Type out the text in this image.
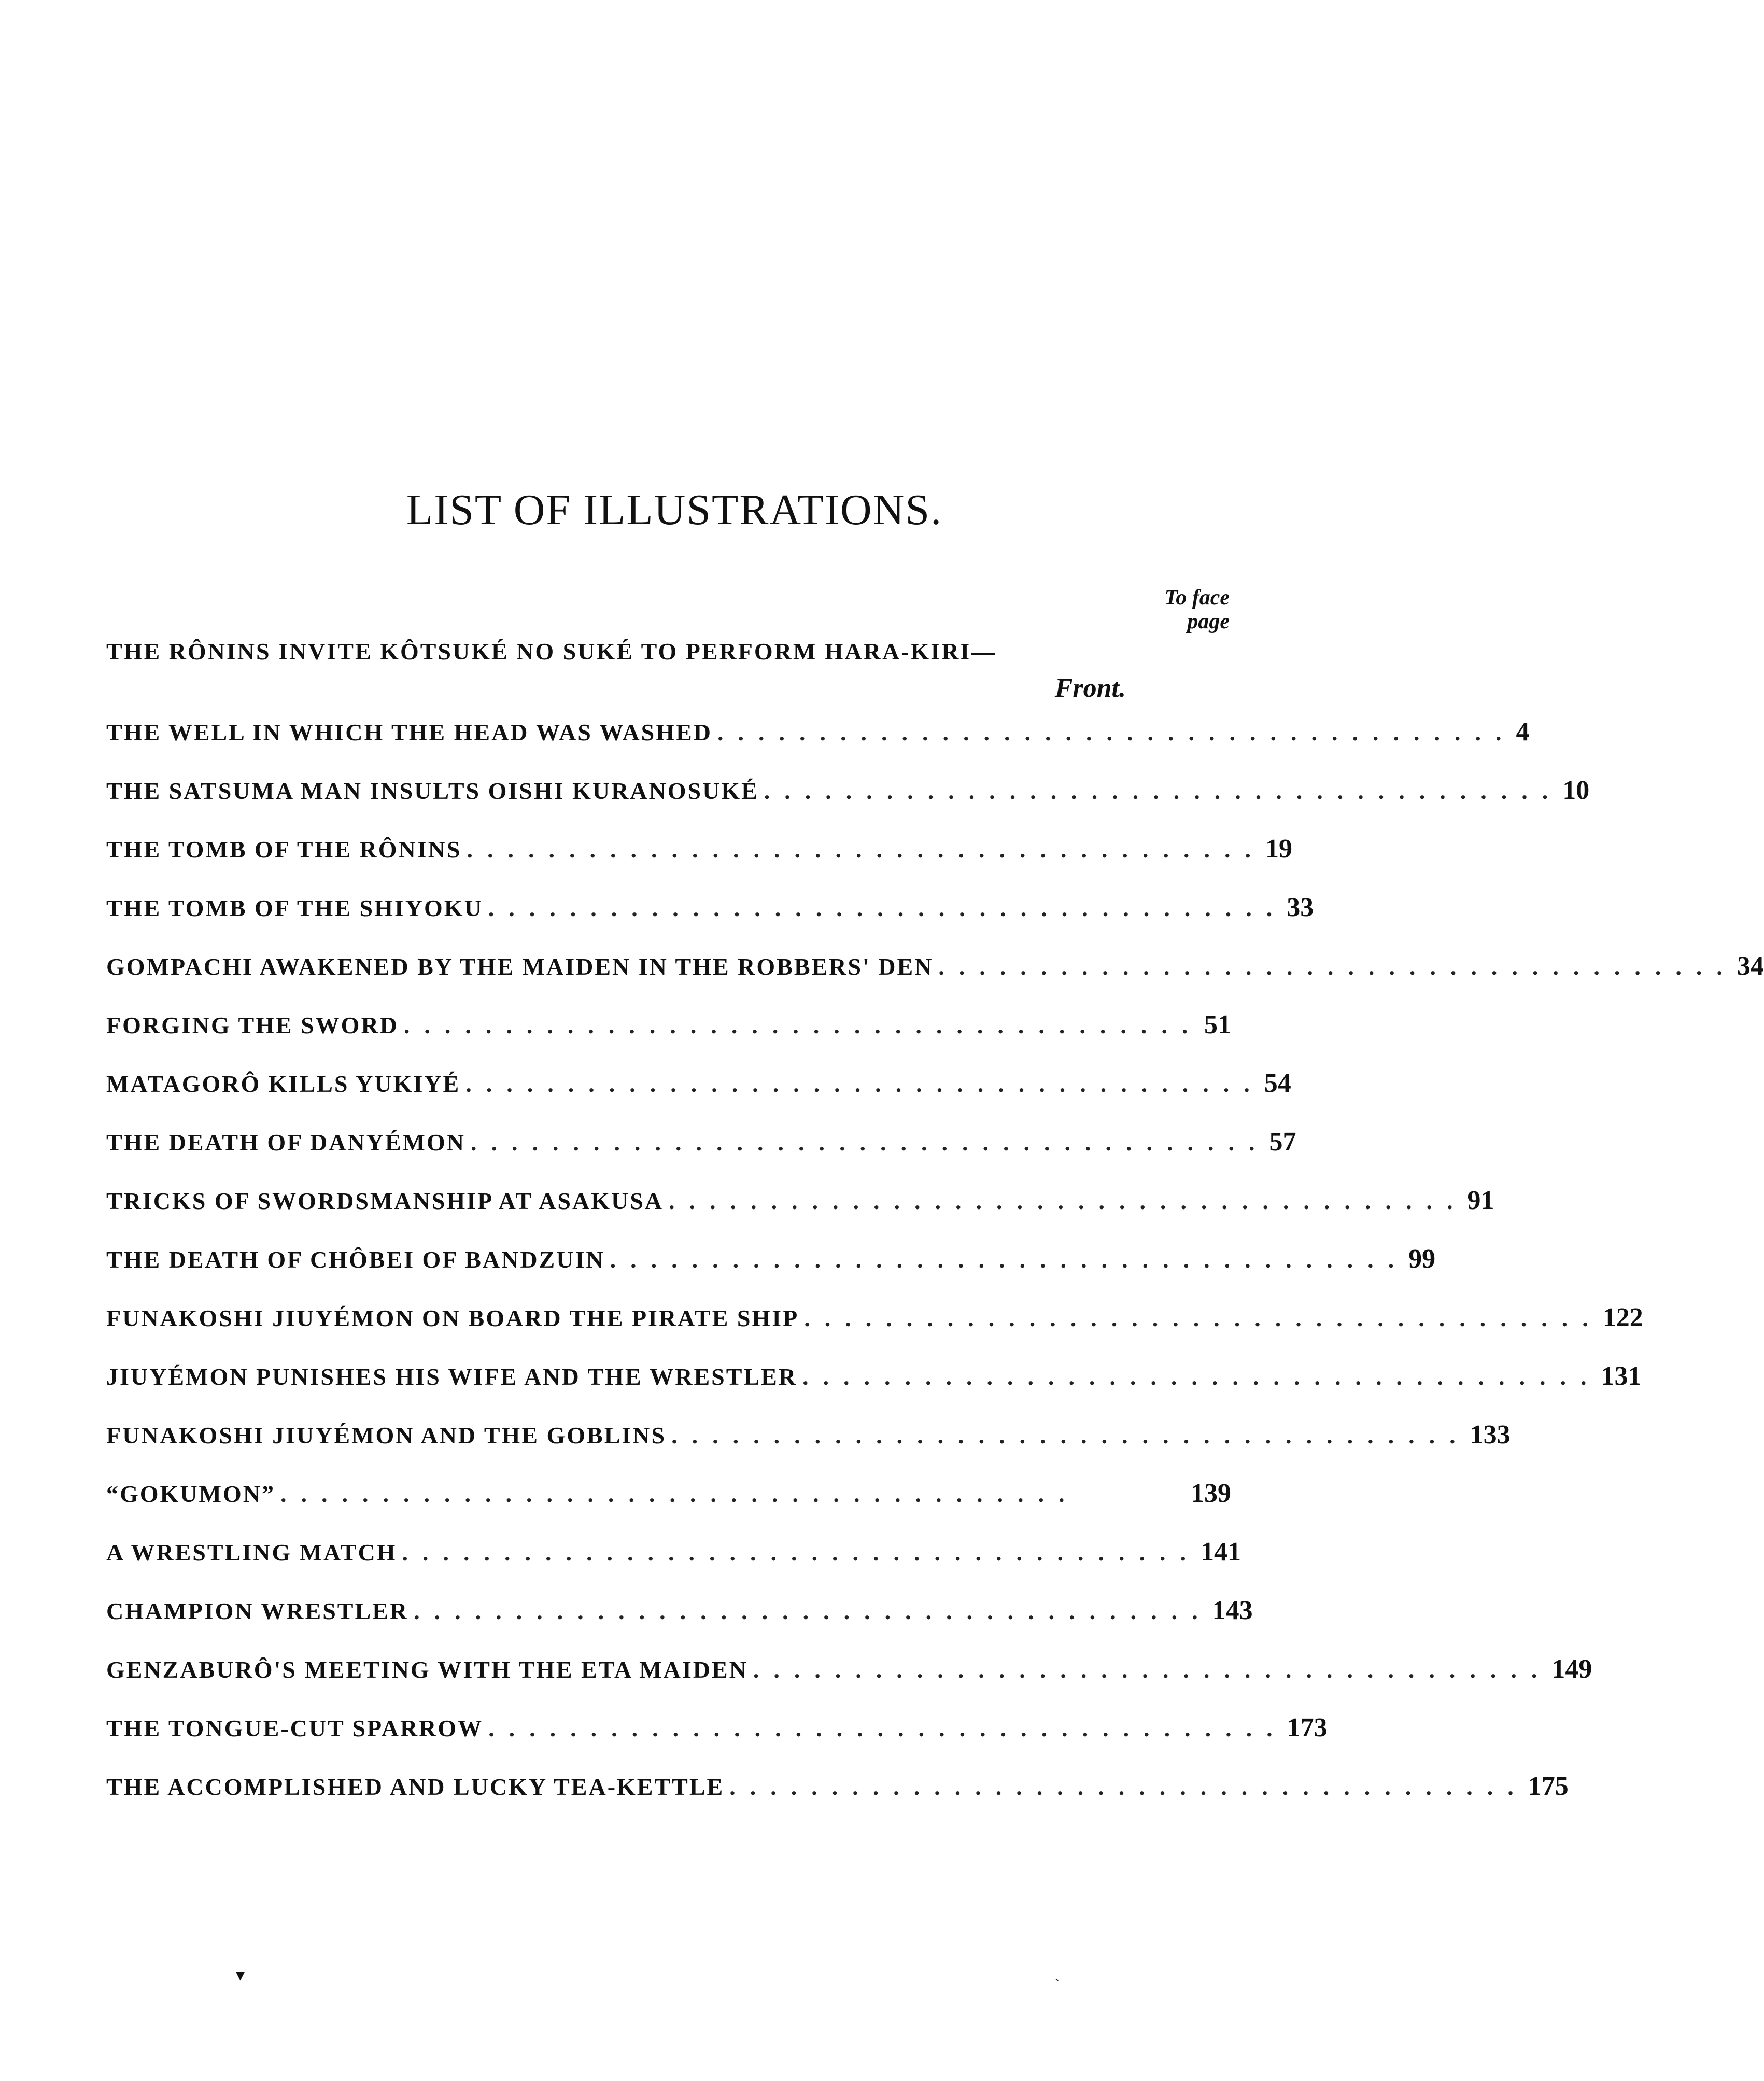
LIST OF ILLUSTRATIONS.
To face
page
THE RÔNINS INVITE KÔTSUKÉ NO SUKÉ TO PERFORM HARA-KIRI—
Front.
THE WELL IN WHICH THE HEAD WAS WASHED ....................................... 4
THE SATSUMA MAN INSULTS OISHI KURANOSUKÉ ....................................... 10
THE TOMB OF THE RÔNINS ....................................... 19
THE TOMB OF THE SHIYOKU ....................................... 33
GOMPACHI AWAKENED BY THE MAIDEN IN THE ROBBERS' DEN ....................................... 34
FORGING THE SWORD ....................................... 51
MATAGORÔ KILLS YUKIYÉ ....................................... 54
THE DEATH OF DANYÉMON ....................................... 57
TRICKS OF SWORDSMANSHIP AT ASAKUSA ....................................... 91
THE DEATH OF CHÔBEI OF BANDZUIN ....................................... 99
FUNAKOSHI JIUYÉMON ON BOARD THE PIRATE SHIP ....................................... 122
JIUYÉMON PUNISHES HIS WIFE AND THE WRESTLER ....................................... 131
FUNAKOSHI JIUYÉMON AND THE GOBLINS ....................................... 133
“GOKUMON” .......................................	139
A WRESTLING MATCH ....................................... 141
CHAMPION WRESTLER ....................................... 143
GENZABURÔ'S MEETING WITH THE ETA MAIDEN ....................................... 149
THE TONGUE-CUT SPARROW ....................................... 173
THE ACCOMPLISHED AND LUCKY TEA-KETTLE ....................................... 175
▾	ˎ
